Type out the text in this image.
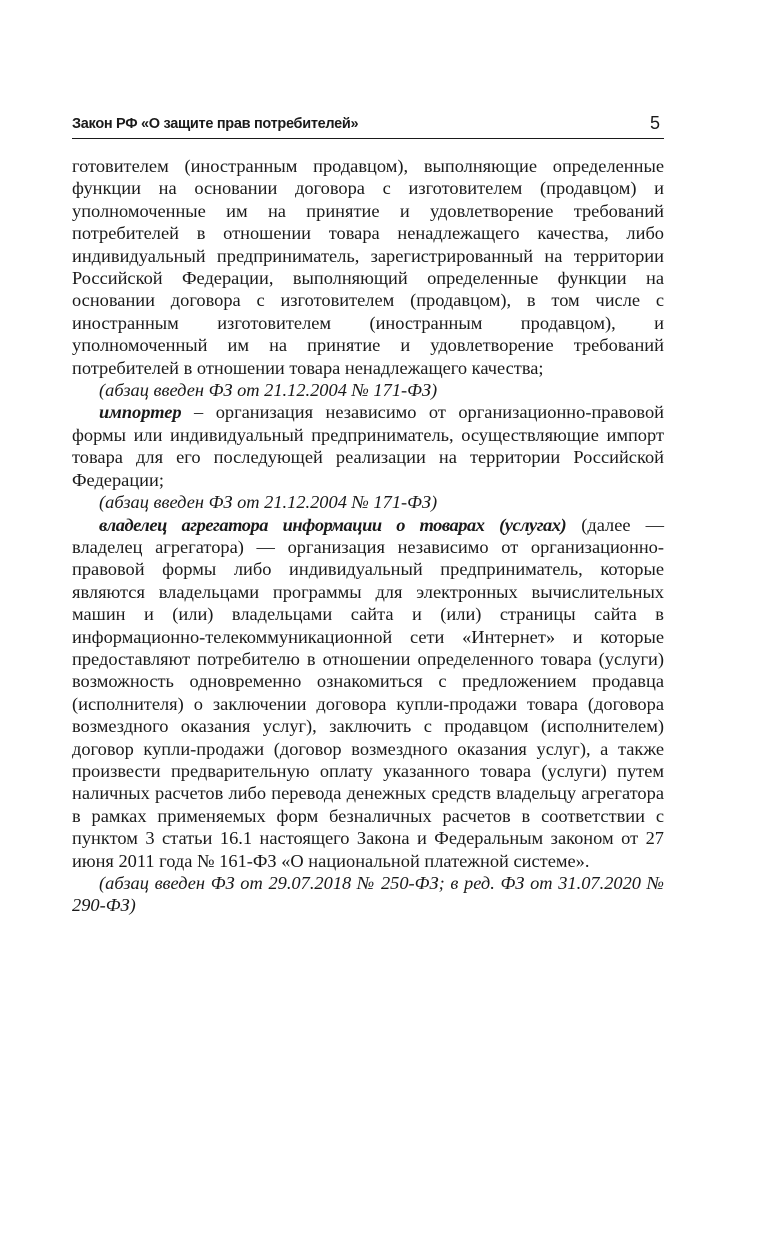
Закон РФ «О защите прав потребителей»	5

готовителем (иностранным продавцом), выполняющие определенные функции на основании договора с изготовителем (продавцом) и уполномоченные им на принятие и удовлетворение требований потребителей в отношении товара ненадлежащего качества, либо индивидуальный предприниматель, зарегистрированный на территории Российской Федерации, выполняющий определенные функции на основании договора с изготовителем (продавцом), в том числе с иностранным изготовителем (иностранным продавцом), и уполномоченный им на принятие и удовлетворение требований потребителей в отношении товара ненадлежащего качества;

(абзац введен ФЗ от 21.12.2004 № 171-ФЗ)

импортер – организация независимо от организационно-правовой формы или индивидуальный предприниматель, осуществляющие импорт товара для его последующей реализации на территории Российской Федерации;

(абзац введен ФЗ от 21.12.2004 № 171-ФЗ)

владелец агрегатора информации о товарах (услугах) (далее — владелец агрегатора) — организация независимо от организационно-правовой формы либо индивидуальный предприниматель, которые являются владельцами программы для электронных вычислительных машин и (или) владельцами сайта и (или) страницы сайта в информационно-телекоммуникационной сети «Интернет» и которые предоставляют потребителю в отношении определенного товара (услуги) возможность одновременно ознакомиться с предложением продавца (исполнителя) о заключении договора купли-продажи товара (договора возмездного оказания услуг), заключить с продавцом (исполнителем) договор купли-продажи (договор возмездного оказания услуг), а также произвести предварительную оплату указанного товара (услуги) путем наличных расчетов либо перевода денежных средств владельцу агрегатора в рамках применяемых форм безналичных расчетов в соответствии с пунктом 3 статьи 16.1 настоящего Закона и Федеральным законом от 27 июня 2011 года № 161-ФЗ «О национальной платежной системе».

(абзац введен ФЗ от 29.07.2018 № 250-ФЗ; в ред. ФЗ от 31.07.2020 № 290-ФЗ)
